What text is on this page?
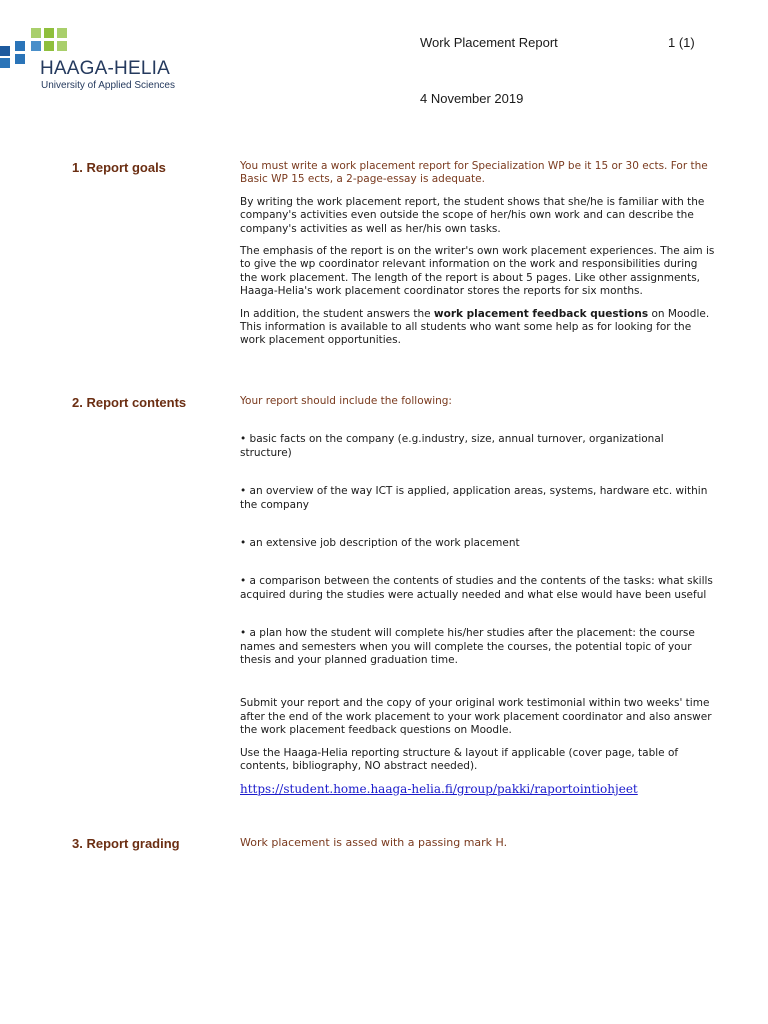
HAAGA-HELIA
University of Applied Sciences
Work Placement Report	1 (1)
4 November 2019
1. Report goals	You must write a work placement report for Specialization WP be it 15 or 30 ects. For the Basic WP 15 ects, a 2-page-essay is adequate.

By writing the work placement report, the student shows that she/he is familiar with the company's activities even outside the scope of her/his own work and can describe the company's activities as well as her/his own tasks.

The emphasis of the report is on the writer's own work placement experiences. The aim is to give the wp coordinator relevant information on the work and responsibilities during the work placement. The length of the report is about 5 pages. Like other assignments, Haaga-Helia's work placement coordinator stores the reports for six months.

In addition, the student answers the work placement feedback questions on Moodle. This information is available to all students who want some help as for looking for the work placement opportunities.

2. Report contents	Your report should include the following:

• basic facts on the company (e.g.industry, size, annual turnover, organizational structure)

• an overview of the way ICT is applied, application areas, systems, hardware etc. within the company

• an extensive job description of the work placement

• a comparison between the contents of studies and the contents of the tasks: what skills acquired during the studies were actually needed and what else would have been useful

• a plan how the student will complete his/her studies after the placement: the course names and semesters when you will complete the courses, the potential topic of your thesis and your planned graduation time.

Submit your report and the copy of your original work testimonial within two weeks' time after the end of the work placement to your work placement coordinator and also answer the work placement feedback questions on Moodle.

Use the Haaga-Helia reporting structure & layout if applicable (cover page, table of contents, bibliography, NO abstract needed).

https://student.home.haaga-helia.fi/group/pakki/raportointiohjeet

3. Report grading	Work placement is assed with a passing mark H.
